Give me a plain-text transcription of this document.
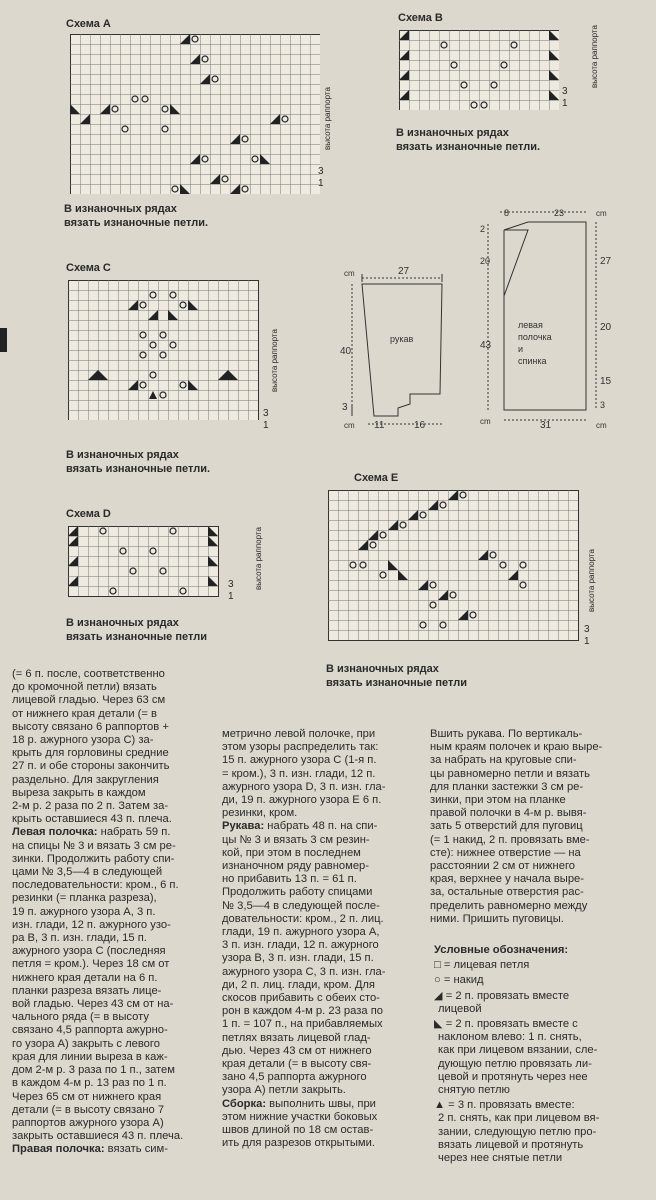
Схема А
высота раппорта
3
1
В изнаночных рядах
вязать изнаночные петли.
Схема В
высота раппорта
3
1
В изнаночных рядах
вязать изнаночные петли.
Схема С
высота раппорта
3
1
В изнаночных рядах
вязать изнаночные петли.
Схема D
высота раппорта
3
1
В изнаночных рядах
вязать изнаночные петли
Схема Е
высота раппорта
3
1
В изнаночных рядах
вязать изнаночные петли
cm	27
40
рукав
3
cm 11	16
8	23	cm
2
20
43
27
20
15
3
cm	31	cm
левая
полочка
и
спинка
(= 6 п. после, соответственно
до кромочной петли) вязать
лицевой гладью. Через 63 см
от нижнего края детали (= в
высоту связано 6 раппортов +
18 р. ажурного узора С) за-
крыть для горловины средние
27 п. и обе стороны закончить
раздельно. Для закругления
выреза закрыть в каждом
2-м р. 2 раза по 2 п. Затем за-
крыть оставшиеся 43 п. плеча.
Левая полочка: набрать 59 п.
на спицы № 3 и вязать 3 см ре-
зинки. Продолжить работу спи-
цами № 3,5—4 в следующей
последовательности: кром., 6 п.
резинки (= планка разреза),
19 п. ажурного узора А, 3 п.
изн. глади, 12 п. ажурного узо-
ра В, 3 п. изн. глади, 15 п.
ажурного узора С (последняя
петля = кром.). Через 18 см от
нижнего края детали на 6 п.
планки разреза вязать лице-
вой гладью. Через 43 см от на-
чального ряда (= в высоту
связано 4,5 раппорта ажурно-
го узора А) закрыть с левого
края для линии выреза в каж-
дом 2-м р. 3 раза по 1 п., затем
в каждом 4-м р. 13 раз по 1 п.
Через 65 см от нижнего края
детали (= в высоту связано 7
раппортов ажурного узора А)
закрыть оставшиеся 43 п. плеча.
Правая полочка: вязать сим-
метрично левой полочке, при
этом узоры распределить так:
15 п. ажурного узора С (1-я п.
= кром.), 3 п. изн. глади, 12 п.
ажурного узора D, 3 п. изн. гла-
ди, 19 п. ажурного узора Е 6 п.
резинки, кром.
Рукава: набрать 48 п. на спи-
цы № 3 и вязать 3 см резин-
кой, при этом в последнем
изнаночном ряду равномер-
но прибавить 13 п. = 61 п.
Продолжить работу спицами
№ 3,5—4 в следующей после-
довательности: кром., 2 п. лиц.
глади, 19 п. ажурного узора А,
3 п. изн. глади, 12 п. ажурного
узора В, 3 п. изн. глади, 15 п.
ажурного узора С, 3 п. изн. гла-
ди, 2 п. лиц. глади, кром. Для
скосов прибавить с обеих сто-
рон в каждом 4-м р. 23 раза по
1 п. = 107 п., на прибавляемых
петлях вязать лицевой глад-
дью. Через 43 см от нижнего
края детали (= в высоту свя-
зано 4,5 раппорта ажурного
узора А) петли закрыть.
Сборка: выполнить швы, при
этом нижние участки боковых
швов длиной по 18 см остав-
ить для разрезов открытыми.
Вшить рукава. По вертикаль-
ным краям полочек и краю выре-
за набрать на круговые спи-
цы равномерно петли и вязать
для планки застежки 3 см ре-
зинки, при этом на планке
правой полочки в 4-м р. вывя-
зать 5 отверстий для пуговиц
(= 1 накид, 2 п. провязать вме-
сте): нижнее отверстие — на
расстоянии 2 см от нижнего
края, верхнее у начала выре-
за, остальные отверстия рас-
пределить равномерно между
ними. Пришить пуговицы.
Условные обозначения:
□ = лицевая петля
○ = накид
◢ = 2 п. провязать вместе
лицевой
◣ = 2 п. провязать вместе с
наклоном влево: 1 п. снять,
как при лицевом вязании, сле-
дующую петлю провязать ли-
цевой и протянуть через нее
снятую петлю
▲ = 3 п. провязать вместе:
2 п. снять, как при лицевом вя-
зании, следующую петлю про-
вязать лицевой и протянуть
через нее снятые петли
